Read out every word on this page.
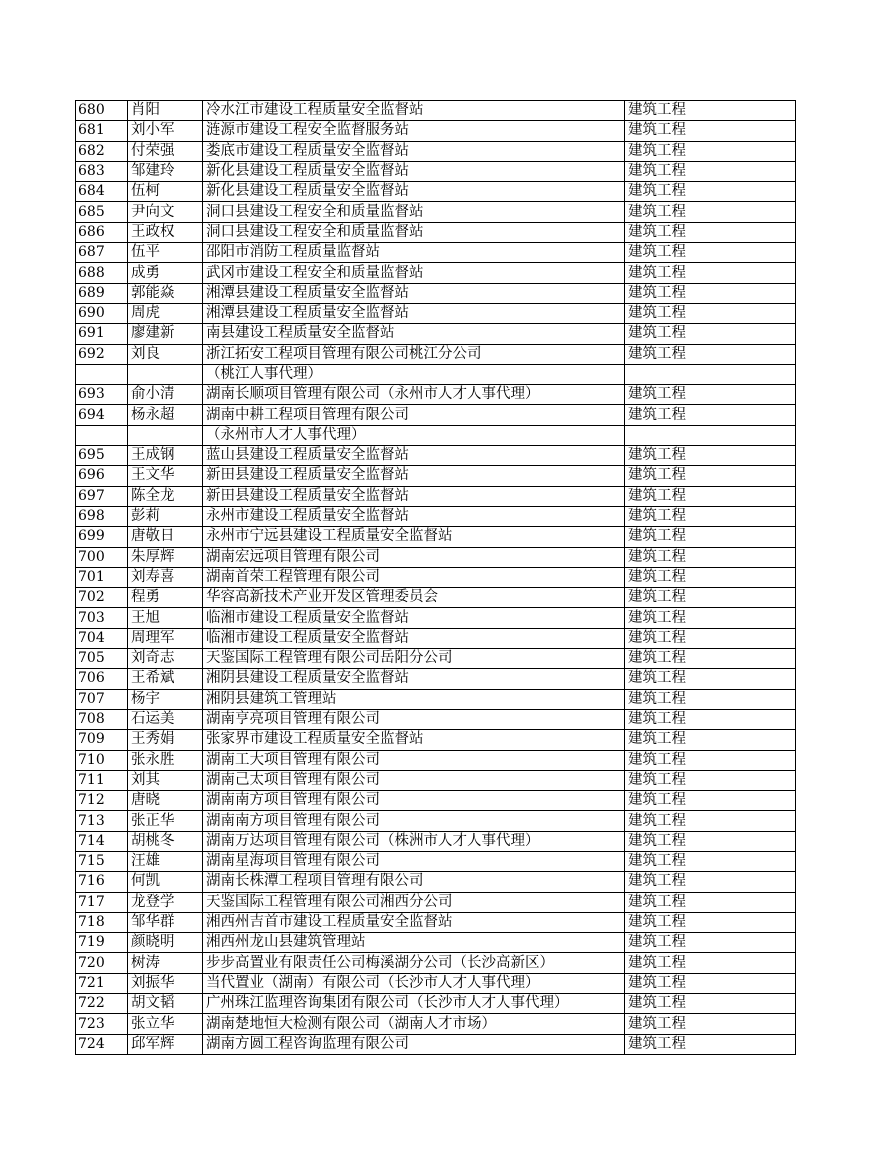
680	肖阳	冷水江市建设工程质量安全监督站	建筑工程
681	刘小军	涟源市建设工程安全监督服务站	建筑工程
682	付荣强	娄底市建设工程质量安全监督站	建筑工程
683	邹建玲	新化县建设工程质量安全监督站	建筑工程
684	伍柯	新化县建设工程质量安全监督站	建筑工程
685	尹向文	洞口县建设工程安全和质量监督站	建筑工程
686	王政权	洞口县建设工程安全和质量监督站	建筑工程
687	伍平	邵阳市消防工程质量监督站	建筑工程
688	成勇	武冈市建设工程安全和质量监督站	建筑工程
689	郭能焱	湘潭县建设工程质量安全监督站	建筑工程
690	周虎	湘潭县建设工程质量安全监督站	建筑工程
691	廖建新	南县建设工程质量安全监督站	建筑工程
692	刘良	浙江拓安工程项目管理有限公司桃江分公司	建筑工程
		（桃江人事代理）	
693	俞小清	湖南长顺项目管理有限公司（永州市人才人事代理）	建筑工程
694	杨永超	湖南中耕工程项目管理有限公司	建筑工程
		（永州市人才人事代理）	
695	王成钢	蓝山县建设工程质量安全监督站	建筑工程
696	王文华	新田县建设工程质量安全监督站	建筑工程
697	陈全龙	新田县建设工程质量安全监督站	建筑工程
698	彭莉	永州市建设工程质量安全监督站	建筑工程
699	唐敬日	永州市宁远县建设工程质量安全监督站	建筑工程
700	朱厚辉	湖南宏远项目管理有限公司	建筑工程
701	刘寿喜	湖南首荣工程管理有限公司	建筑工程
702	程勇	华容高新技术产业开发区管理委员会	建筑工程
703	王旭	临湘市建设工程质量安全监督站	建筑工程
704	周理军	临湘市建设工程质量安全监督站	建筑工程
705	刘奇志	天鉴国际工程管理有限公司岳阳分公司	建筑工程
706	王希斌	湘阴县建设工程质量安全监督站	建筑工程
707	杨宇	湘阴县建筑工管理站	建筑工程
708	石运美	湖南亨亮项目管理有限公司	建筑工程
709	王秀娟	张家界市建设工程质量安全监督站	建筑工程
710	张永胜	湖南工大项目管理有限公司	建筑工程
711	刘其	湖南己太项目管理有限公司	建筑工程
712	唐晓	湖南南方项目管理有限公司	建筑工程
713	张正华	湖南南方项目管理有限公司	建筑工程
714	胡桃冬	湖南万达项目管理有限公司（株洲市人才人事代理）	建筑工程
715	汪雄	湖南星海项目管理有限公司	建筑工程
716	何凯	湖南长株潭工程项目管理有限公司	建筑工程
717	龙登学	天鉴国际工程管理有限公司湘西分公司	建筑工程
718	邹华群	湘西州吉首市建设工程质量安全监督站	建筑工程
719	颜晓明	湘西州龙山县建筑管理站	建筑工程
720	树涛	步步高置业有限责任公司梅溪湖分公司（长沙高新区）	建筑工程
721	刘振华	当代置业（湖南）有限公司（长沙市人才人事代理）	建筑工程
722	胡文韬	广州珠江监理咨询集团有限公司（长沙市人才人事代理）	建筑工程
723	张立华	湖南楚地恒大检测有限公司（湖南人才市场）	建筑工程
724	邱军辉	湖南方圆工程咨询监理有限公司	建筑工程
